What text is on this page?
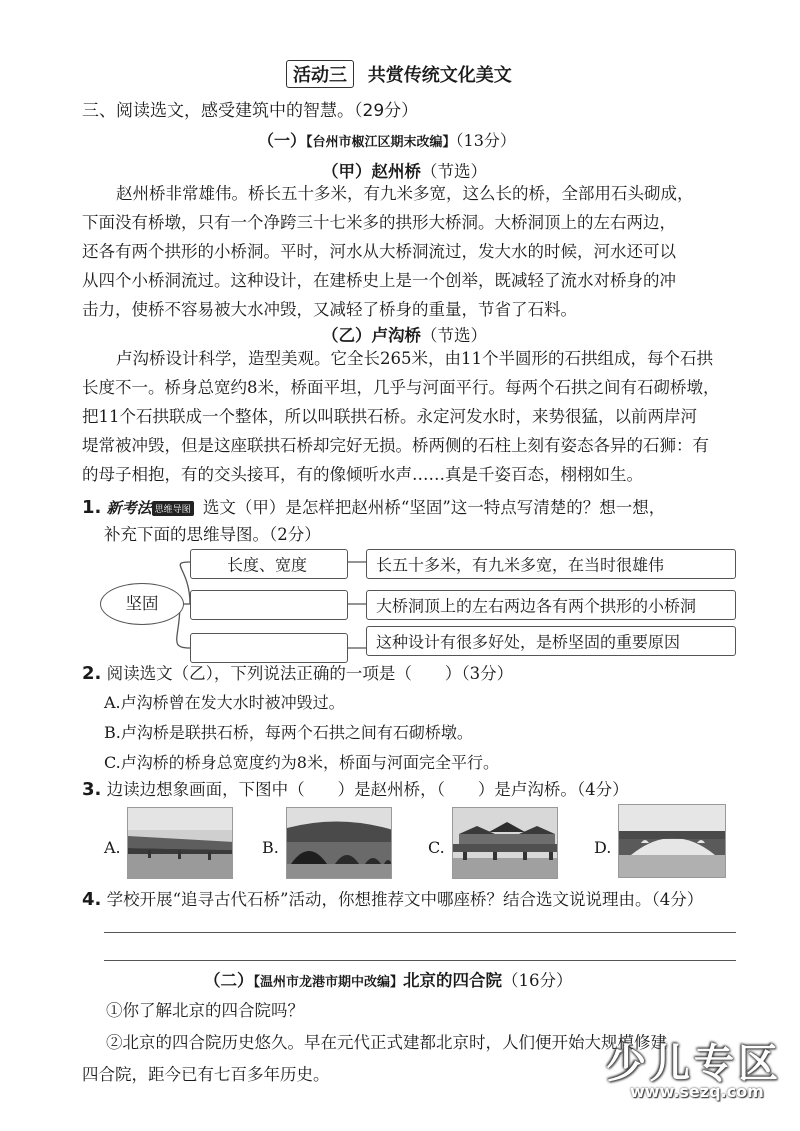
活动三 共赏传统文化美文
三、阅读选文，感受建筑中的智慧。（29分）
（一）【台州市椒江区期末改编】（13分）
（甲）赵州桥（节选）
赵州桥非常雄伟。桥长五十多米，有九米多宽，这么长的桥，全部用石头砌成，
下面没有桥墩，只有一个净跨三十七米多的拱形大桥洞。大桥洞顶上的左右两边，
还各有两个拱形的小桥洞。平时，河水从大桥洞流过，发大水的时候，河水还可以
从四个小桥洞流过。这种设计，在建桥史上是一个创举，既减轻了流水对桥身的冲
击力，使桥不容易被大水冲毁，又减轻了桥身的重量，节省了石料。
（乙）卢沟桥（节选）
卢沟桥设计科学，造型美观。它全长265米，由11个半圆形的石拱组成，每个石拱
长度不一。桥身总宽约8米，桥面平坦，几乎与河面平行。每两个石拱之间有石砌桥墩，
把11个石拱联成一个整体，所以叫联拱石桥。永定河发水时，来势很猛，以前两岸河
堤常被冲毁，但是这座联拱石桥却完好无损。桥两侧的石柱上刻有姿态各异的石狮：有
的母子相抱，有的交头接耳，有的像倾听水声……真是千姿百态，栩栩如生。
1. 新考法 思维导图 选文（甲）是怎样把赵州桥“坚固”这一特点写清楚的？想一想，
补充下面的思维导图。（2分）
坚固
长度、宽度	长五十多米，有九米多宽，在当时很雄伟
大桥洞顶上的左右两边各有两个拱形的小桥洞
这种设计有很多好处，是桥坚固的重要原因
2. 阅读选文（乙），下列说法正确的一项是（　　）（3分）
A.卢沟桥曾在发大水时被冲毁过。
B.卢沟桥是联拱石桥，每两个石拱之间有石砌桥墩。
C.卢沟桥的桥身总宽度约为8米，桥面与河面完全平行。
3. 边读边想象画面，下图中（　　）是赵州桥，（　　）是卢沟桥。（4分）
A.	B.	C.	D.
4. 学校开展“追寻古代石桥”活动，你想推荐文中哪座桥？结合选文说说理由。（4分）
（二）【温州市龙港市期中改编】北京的四合院（16分）
①你了解北京的四合院吗？
②北京的四合院历史悠久。早在元代正式建都北京时，人们便开始大规模修建
四合院，距今已有七百多年历史。	少儿专区
www.sezq.com
